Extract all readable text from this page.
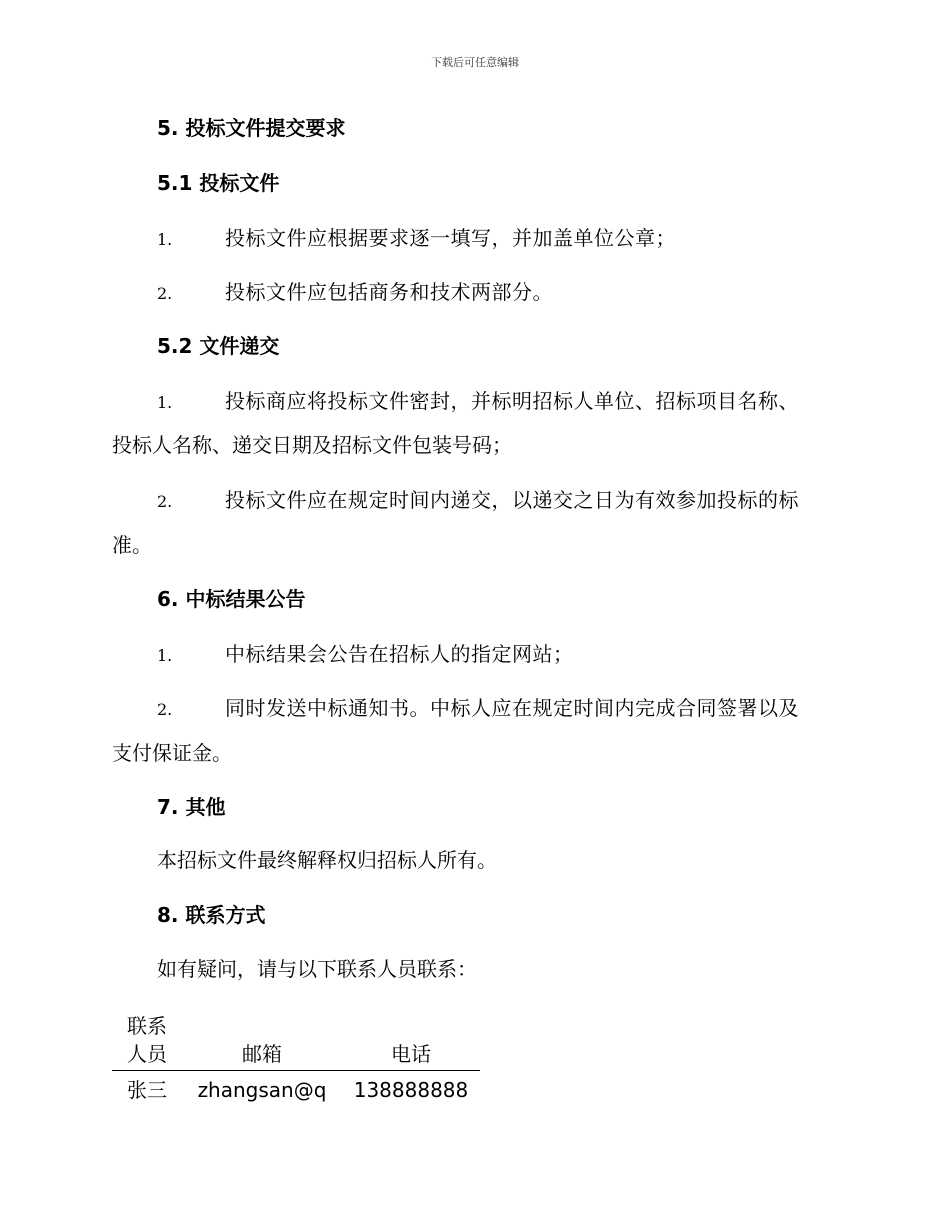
下载后可任意编辑
5. 投标文件提交要求
5.1 投标文件
1.	投标文件应根据要求逐一填写，并加盖单位公章；
2.	投标文件应包括商务和技术两部分。
5.2 文件递交
1.	投标商应将投标文件密封，并标明招标人单位、招标项目名称、
投标人名称、递交日期及招标文件包装号码；
2.	投标文件应在规定时间内递交，以递交之日为有效参加投标的标
准。
6. 中标结果公告
1.	中标结果会公告在招标人的指定网站；
2.	同时发送中标通知书。中标人应在规定时间内完成合同签署以及
支付保证金。
7. 其他
本招标文件最终解释权归招标人所有。
8. 联系方式
如有疑问，请与以下联系人员联系：
联系
人员	邮箱	电话
张三	zhangsan@q	138888888
